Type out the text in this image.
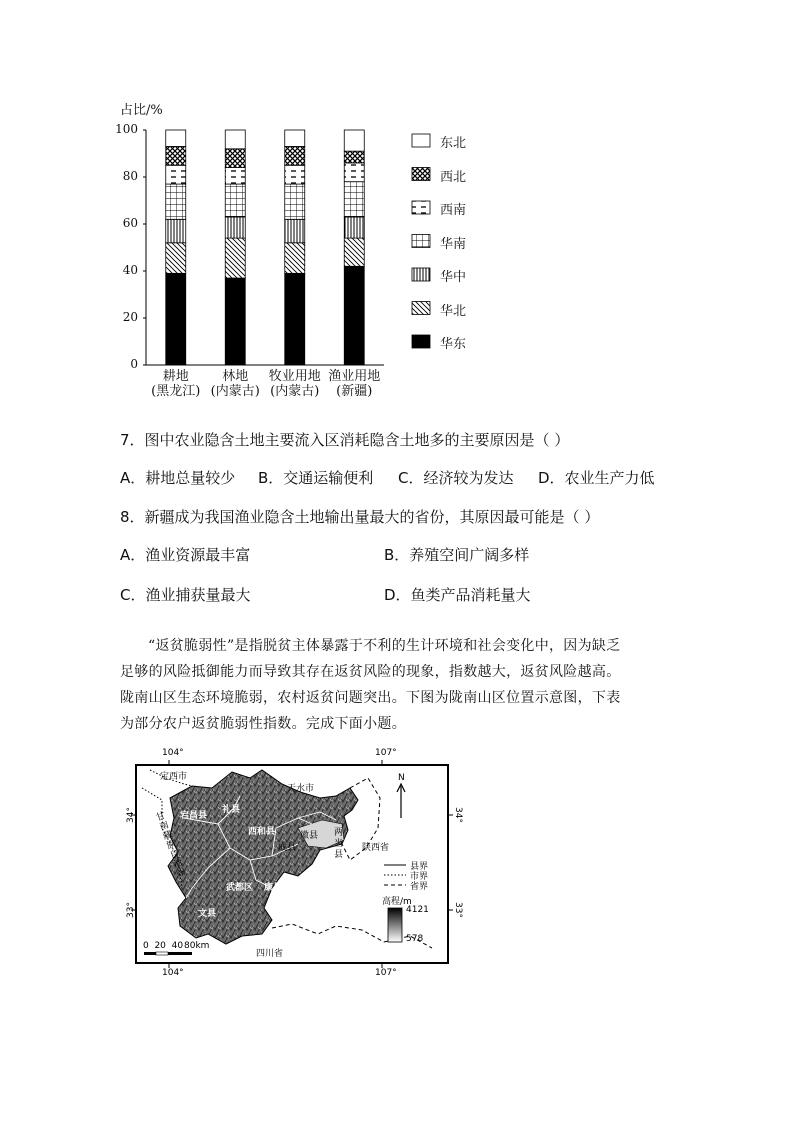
占比/%
0
20
40
60
80
100
耕地
(黑龙江)
林地
(内蒙古)
牧业用地
(内蒙古)
渔业用地
(新疆)
东北
西北
西南
华南
华中
华北
华东
7．图中农业隐含土地主要流入区消耗隐含土地多的主要原因是（ ）
A．耕地总量较少 B．交通运输便利 C．经济较为发达 D．农业生产力低
8．新疆成为我国渔业隐含土地输出量最大的省份，其原因最可能是（ ）
A．渔业资源最丰富	B．养殖空间广阔多样
C．渔业捕获量最大	D．鱼类产品消耗量大
“返贫脆弱性”是指脱贫主体暴露于不利的生计环境和社会变化中，因为缺乏
足够的风险抵御能力而导致其存在返贫风险的现象，指数越大，返贫风险越高。
陇南山区生态环境脆弱，农村返贫问题突出。下图为陇南山区位置示意图，下表
为部分农户返贫脆弱性指数。完成下面小题。
104°	107°
104°	107°
34°
33°
34°
33°
定西市
天水市
宕昌县
礼县
西和县	徽县 两当县
成县	陕西省
武都区 康县
文县
甘南藏族自治州
四川省
N
县界
市界
省界
高程/m
4121
578
0  20  40 80km
